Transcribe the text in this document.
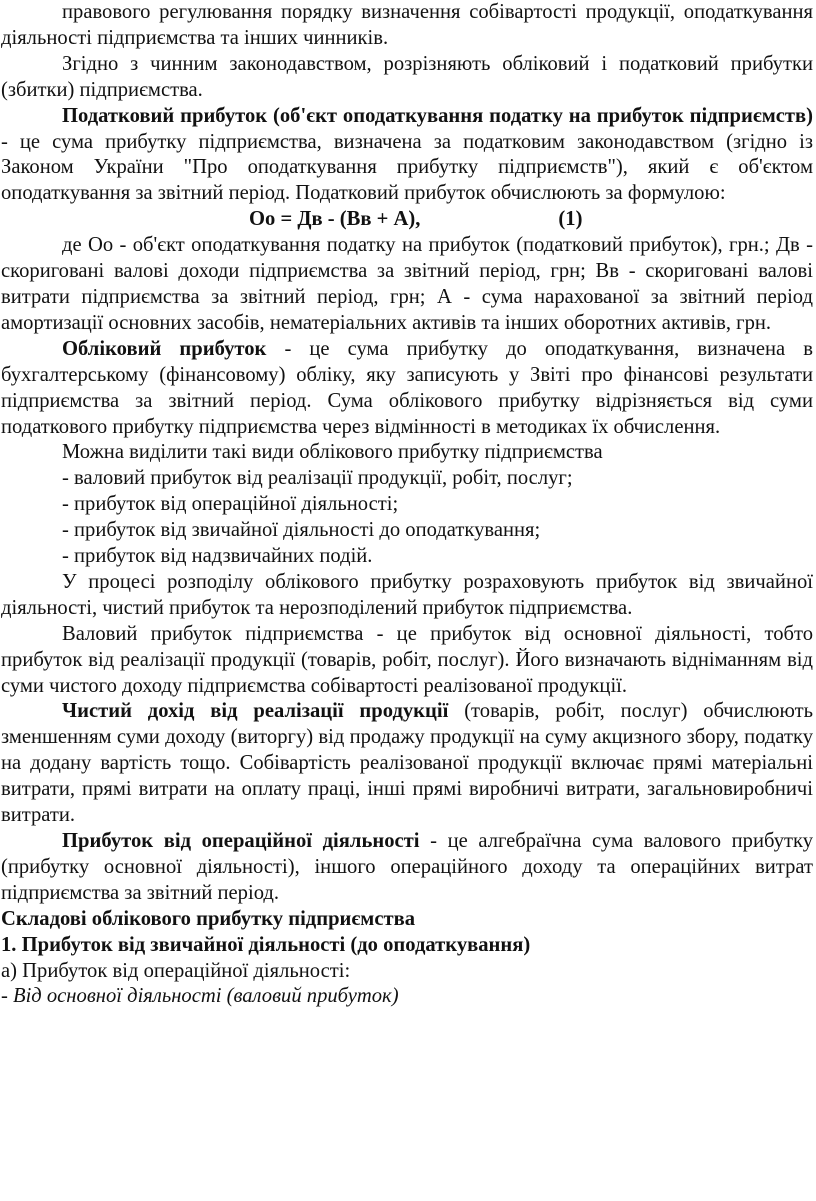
правового регулювання порядку визначення собівартості продукції, оподаткування діяльності підприємства та інших чинників.

Згідно з чинним законодавством, розрізняють обліковий і податковий прибутки (збитки) підприємства.

Податковий прибуток (об'єкт оподаткування податку на прибуток підприємств) - це сума прибутку підприємства, визначена за податковим законодавством (згідно із Законом України "Про оподаткування прибутку підприємств"), який є об'єктом оподаткування за звітний період. Податковий прибуток обчислюють за формулою:

Оо = Дв - (Вв + А),	(1)

де Оо - об'єкт оподаткування податку на прибуток (податковий прибуток), грн.; Дв - скориговані валові доходи підприємства за звітний період, грн; Вв - скориговані валові витрати підприємства за звітний період, грн; А - сума нарахованої за звітний період амортизації основних засобів, нематеріальних активів та інших оборотних активів, грн.

Обліковий прибуток - це сума прибутку до оподаткування, визначена в бухгалтерському (фінансовому) обліку, яку записують у Звіті про фінансові результати підприємства за звітний період. Сума облікового прибутку відрізняється від суми податкового прибутку підприємства через відмінності в методиках їх обчислення.

Можна виділити такі види облікового прибутку підприємства

- валовий прибуток від реалізації продукції, робіт, послуг;

- прибуток від операційної діяльності;

- прибуток від звичайної діяльності до оподаткування;

- прибуток від надзвичайних подій.

У процесі розподілу облікового прибутку розраховують прибуток від звичайної діяльності, чистий прибуток та нерозподілений прибуток підприємства.

Валовий прибуток підприємства - це прибуток від основної діяльності, тобто прибуток від реалізації продукції (товарів, робіт, послуг). Його визначають відніманням від суми чистого доходу підприємства собівартості реалізованої продукції.

Чистий дохід від реалізації продукції (товарів, робіт, послуг) обчислюють зменшенням суми доходу (виторгу) від продажу продукції на суму акцизного збору, податку на додану вартість тощо. Собівартість реалізованої продукції включає прямі матеріальні витрати, прямі витрати на оплату праці, інші прямі виробничі витрати, загальновиробничі витрати.

Прибуток від операційної діяльності - це алгебраїчна сума валового прибутку (прибутку основної діяльності), іншого операційного доходу та операційних витрат підприємства за звітний період.

Складові облікового прибутку підприємства

1. Прибуток від звичайної діяльності (до оподаткування)

а) Прибуток від операційної діяльності:

- Від основної діяльності (валовий прибуток)
